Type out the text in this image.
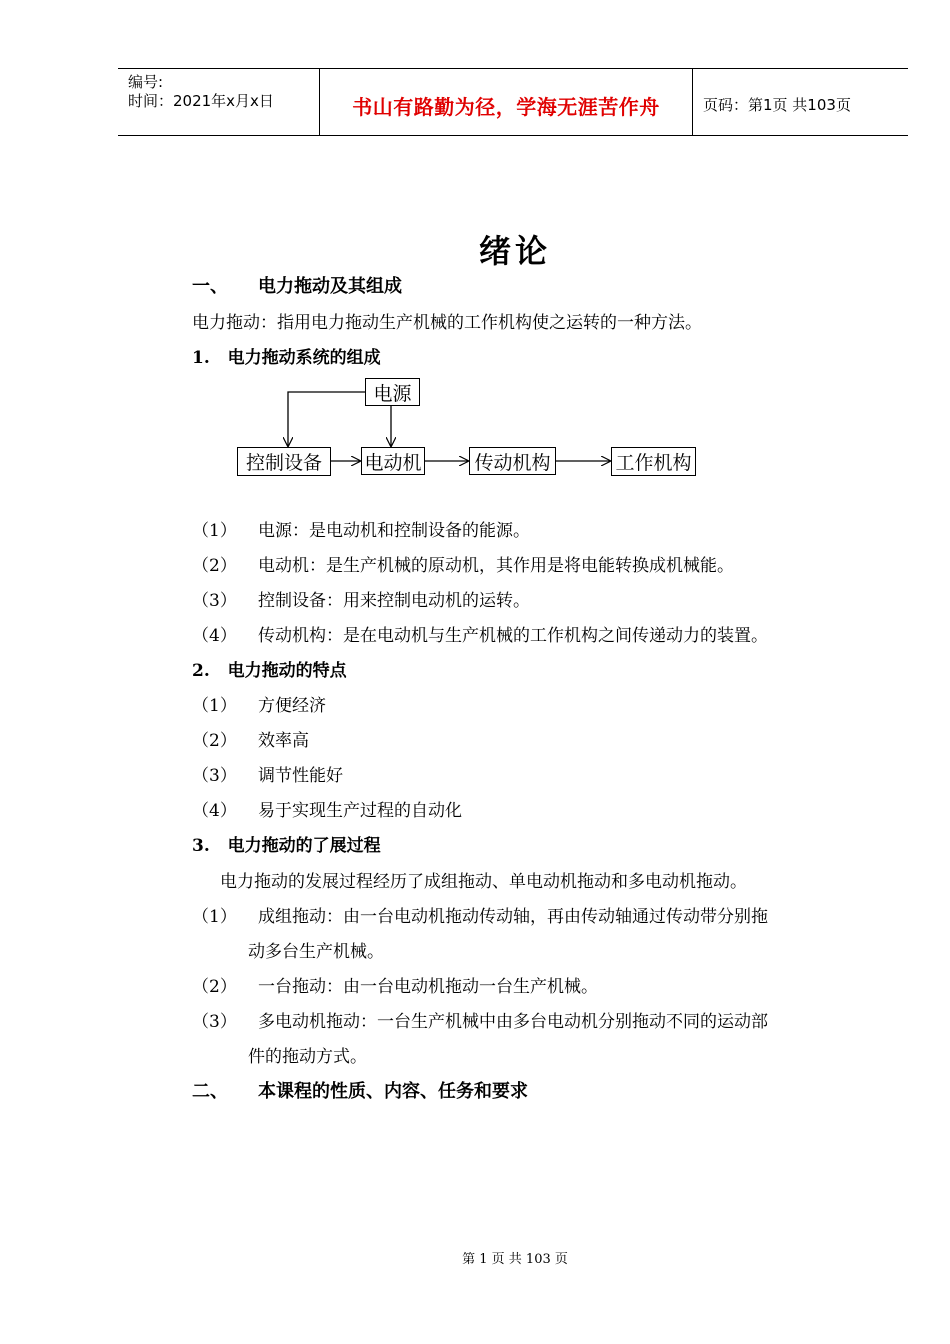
编号:
时间：2021年x月x日	书山有路勤为径，学海无涯苦作舟	页码：第1页 共103页
绪论
一、 电力拖动及其组成
电力拖动：指用电力拖动生产机械的工作机构使之运转的一种方法。
1. 电力拖动系统的组成
电源
控制设备	电动机	传动机构	工作机构
（1） 电源：是电动机和控制设备的能源。
（2） 电动机：是生产机械的原动机，其作用是将电能转换成机械能。
（3） 控制设备：用来控制电动机的运转。
（4） 传动机构：是在电动机与生产机械的工作机构之间传递动力的装置。
2. 电力拖动的特点
（1） 方便经济
（2） 效率高
（3） 调节性能好
（4） 易于实现生产过程的自动化
3. 电力拖动的了展过程
电力拖动的发展过程经历了成组拖动、单电动机拖动和多电动机拖动。
（1） 成组拖动：由一台电动机拖动传动轴，再由传动轴通过传动带分别拖
动多台生产机械。
（2） 一台拖动：由一台电动机拖动一台生产机械。
（3） 多电动机拖动：一台生产机械中由多台电动机分别拖动不同的运动部
件的拖动方式。
二、 本课程的性质、内容、任务和要求
第 1 页 共 103 页
